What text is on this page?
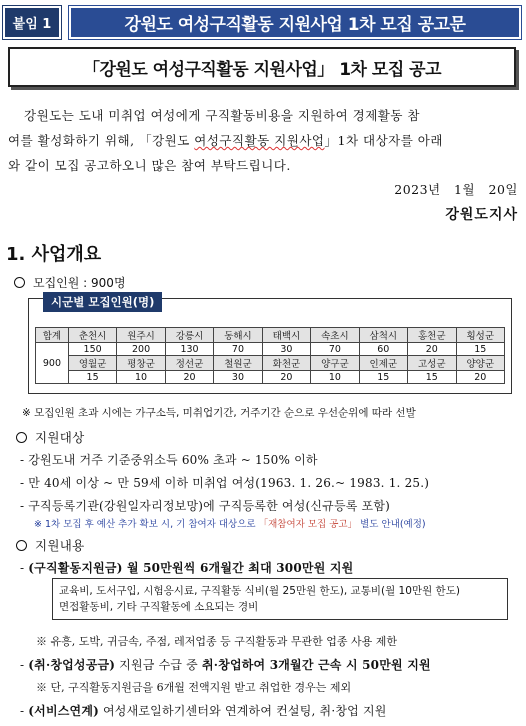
붙임 1	강원도 여성구직활동 지원사업 1차 모집 공고문
「강원도 여성구직활동 지원사업」 1차 모집 공고
강원도는 도내 미취업 여성에게 구직활동비용을 지원하여 경제활동 참
여를 활성화하기 위해, 「강원도 여성구직활동 지원사업」1차 대상자를 아래
와 같이 모집 공고하오니 많은 참여 부탁드립니다.
2023년   1월   20일
강원도지사
1. 사업개요
모집인원 : 900명
시군별 모집인원(명)
합계	춘천시	원주시	강릉시	동해시	태백시	속초시	삼척시	홍천군	횡성군
900	150	200	130	70	30	70	60	20	15
	영월군	평창군	정선군	철원군	화천군	양구군	인제군	고성군	양양군
	15	10	20	30	20	10	15	15	20
※ 모집인원 초과 시에는 가구소득, 미취업기간, 거주기간 순으로 우선순위에 따라 선발
지원대상
- 강원도내 거주 기준중위소득 60% 초과 ~ 150% 이하
- 만 40세 이상 ~ 만 59세 이하 미취업 여성(1963. 1. 26.~ 1983. 1. 25.)
- 구직등록기관(강원일자리정보망)에 구직등록한 여성(신규등록 포함)
※ 1차 모집 후 예산 추가 확보 시, 기 참여자 대상으로 「재참여자 모집 공고」 별도 안내(예정)
지원내용
- (구직활동지원금) 월 50만원씩 6개월간 최대 300만원 지원
교육비, 도서구입, 시험응시료, 구직활동 식비(월 25만원 한도), 교통비(월 10만원 한도)
면접활동비, 기타 구직활동에 소요되는 경비
※ 유흥, 도박, 귀금속, 주점, 레저업종 등 구직활동과 무관한 업종 사용 제한
- (취·창업성공금) 지원금 수급 중 취·창업하여 3개월간 근속 시 50만원 지원
※ 단, 구직활동지원금을 6개월 전액지원 받고 취업한 경우는 제외
- (서비스연계) 여성새로일하기센터와 연계하여 컨설팅, 취·창업 지원
